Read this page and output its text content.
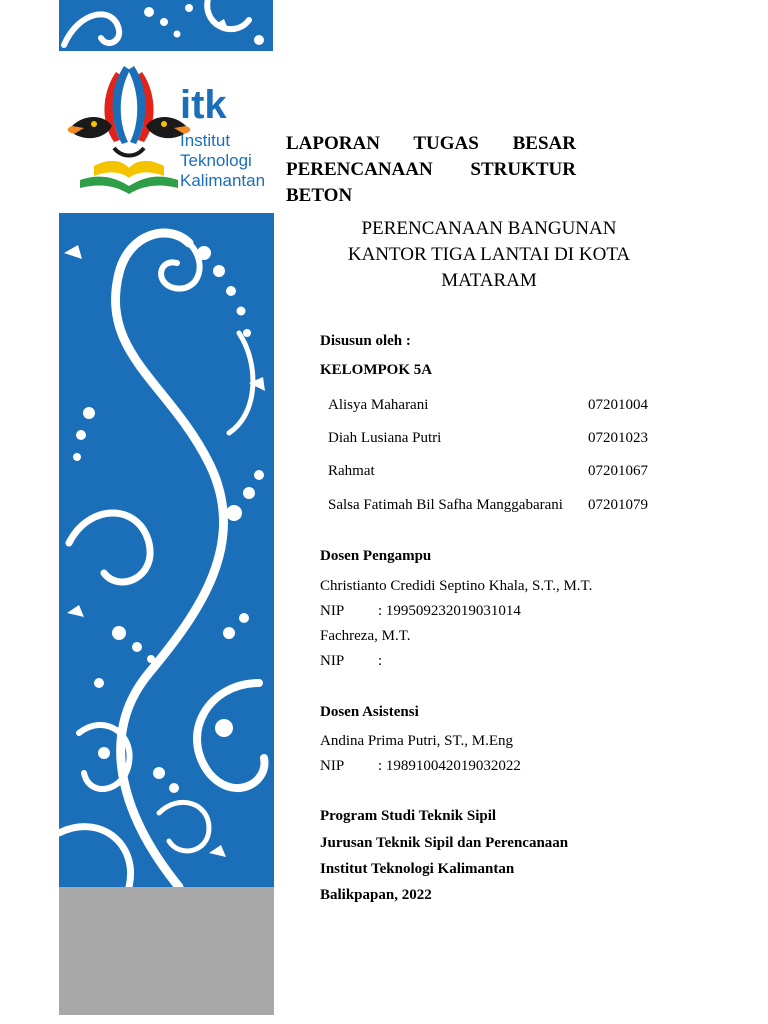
itk
Institut
Teknologi
Kalimantan
LAPORAN TUGAS BESAR
PERENCANAAN STRUKTUR
BETON
PERENCANAAN BANGUNAN
KANTOR TIGA LANTAI DI KOTA
MATARAM
Disusun oleh :
KELOMPOK 5A
Alisya Maharani	07201004
Diah Lusiana Putri	07201023
Rahmat	07201067
Salsa Fatimah Bil Safha Manggabarani 07201079
Dosen Pengampu
Christianto Credidi Septino Khala, S.T., M.T.
NIP : 199509232019031014
Fachreza, M.T.
NIP :
Dosen Asistensi
Andina Prima Putri, ST., M.Eng
NIP : 198910042019032022
Program Studi Teknik Sipil
Jurusan Teknik Sipil dan Perencanaan
Institut Teknologi Kalimantan
Balikpapan, 2022
